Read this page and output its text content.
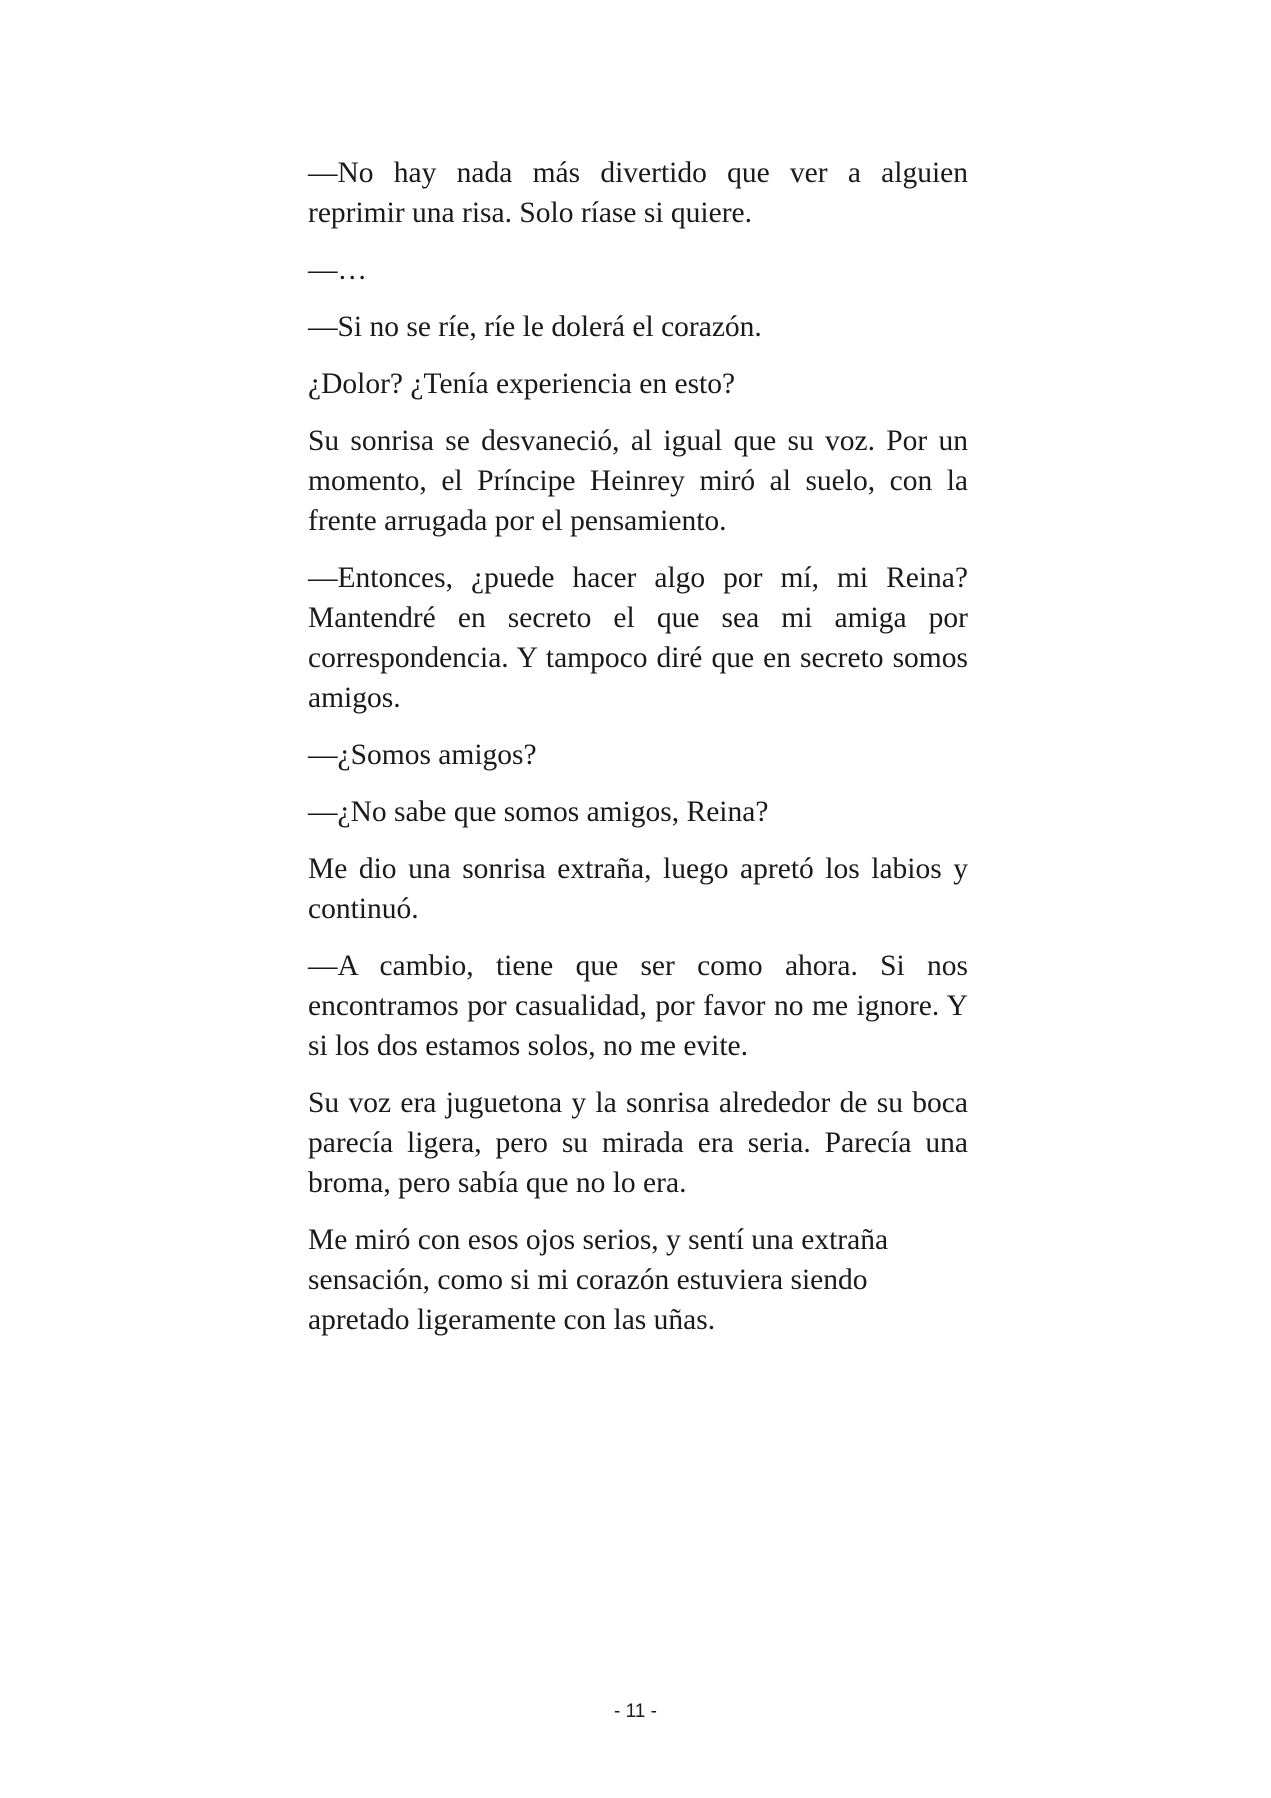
—No hay nada más divertido que ver a alguien reprimir una risa. Solo ríase si quiere.

—…

—Si no se ríe, ríe le dolerá el corazón.

¿Dolor? ¿Tenía experiencia en esto?

Su sonrisa se desvaneció, al igual que su voz. Por un momento, el Príncipe Heinrey miró al suelo, con la frente arrugada por el pensamiento.

—Entonces, ¿puede hacer algo por mí, mi Reina? Mantendré en secreto el que sea mi amiga por correspondencia. Y tampoco diré que en secreto somos amigos.

—¿Somos amigos?

—¿No sabe que somos amigos, Reina?

Me dio una sonrisa extraña, luego apretó los labios y continuó.

—A cambio, tiene que ser como ahora. Si nos encontramos por casualidad, por favor no me ignore. Y si los dos estamos solos, no me evite.

Su voz era juguetona y la sonrisa alrededor de su boca parecía ligera, pero su mirada era seria. Parecía una broma, pero sabía que no lo era.

Me miró con esos ojos serios, y sentí una extraña sensación, como si mi corazón estuviera siendo apretado ligeramente con las uñas.

- 11 -
